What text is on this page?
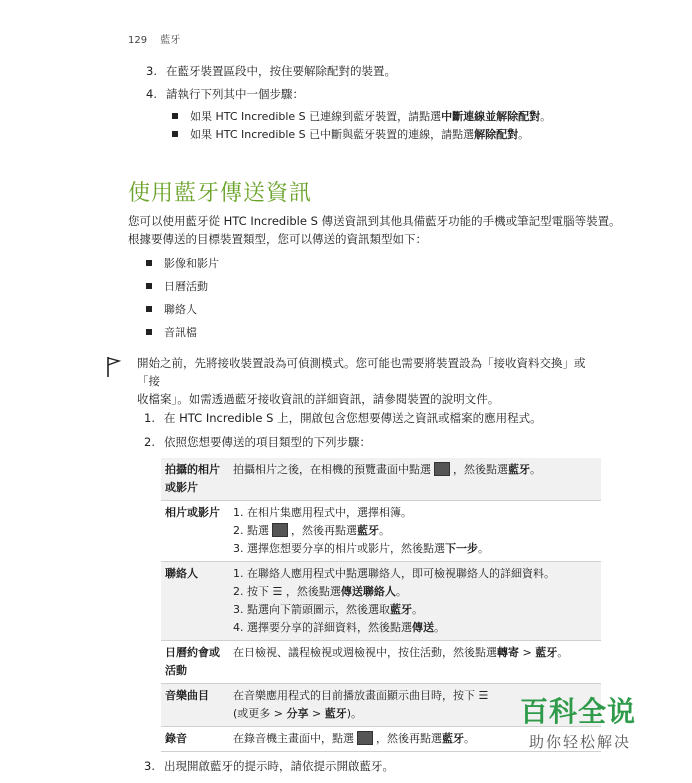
129 藍牙
3. 在藍牙裝置區段中，按住要解除配對的裝置。
4. 請執行下列其中一個步驟：
如果 HTC Incredible S 已連線到藍牙裝置，請點選中斷連線並解除配對。
如果 HTC Incredible S 已中斷與藍牙裝置的連線，請點選解除配對。
使用藍牙傳送資訊
您可以使用藍牙從 HTC Incredible S 傳送資訊到其他具備藍牙功能的手機或筆記型電腦等裝置。
根據要傳送的目標裝置類型，您可以傳送的資訊類型如下：
影像和影片
日曆活動
聯絡人
音訊檔
開始之前，先將接收裝置設為可偵測模式。您可能也需要將裝置設為「接收資料交換」或「接
收檔案」。如需透過藍牙接收資訊的詳細資訊，請參閱裝置的說明文件。
1. 在 HTC Incredible S 上，開啟包含您想要傳送之資訊或檔案的應用程式。
2. 依照您想要傳送的項目類型的下列步驟：
拍攝的相片
或影片	拍攝相片之後，在相機的預覽畫面中點選 ，然後點選藍牙。
相片或影片	1. 在相片集應用程式中，選擇相簿。
2. 點選 ，然後再點選藍牙。
3. 選擇您想要分享的相片或影片，然後點選下一步。

聯絡人	1. 在聯絡人應用程式中點選聯絡人，即可檢視聯絡人的詳細資料。
2. 按下 ☰ ，然後點選傳送聯絡人。
3. 點選向下箭頭圖示，然後選取藍牙。
4. 選擇要分享的詳細資料，然後點選傳送。

日曆約會或
活動	在日檢視、議程檢視或週檢視中，按住活動，然後點選轉寄 > 藍牙。
音樂曲目	在音樂應用程式的目前播放畫面顯示曲目時，按下 ☰
(或更多 > 分享 > 藍牙)。

錄音	在錄音機主畫面中，點選 ，然後再點選藍牙。
3. 出現開啟藍牙的提示時，請依提示開啟藍牙。
百科全说
助你轻松解决
